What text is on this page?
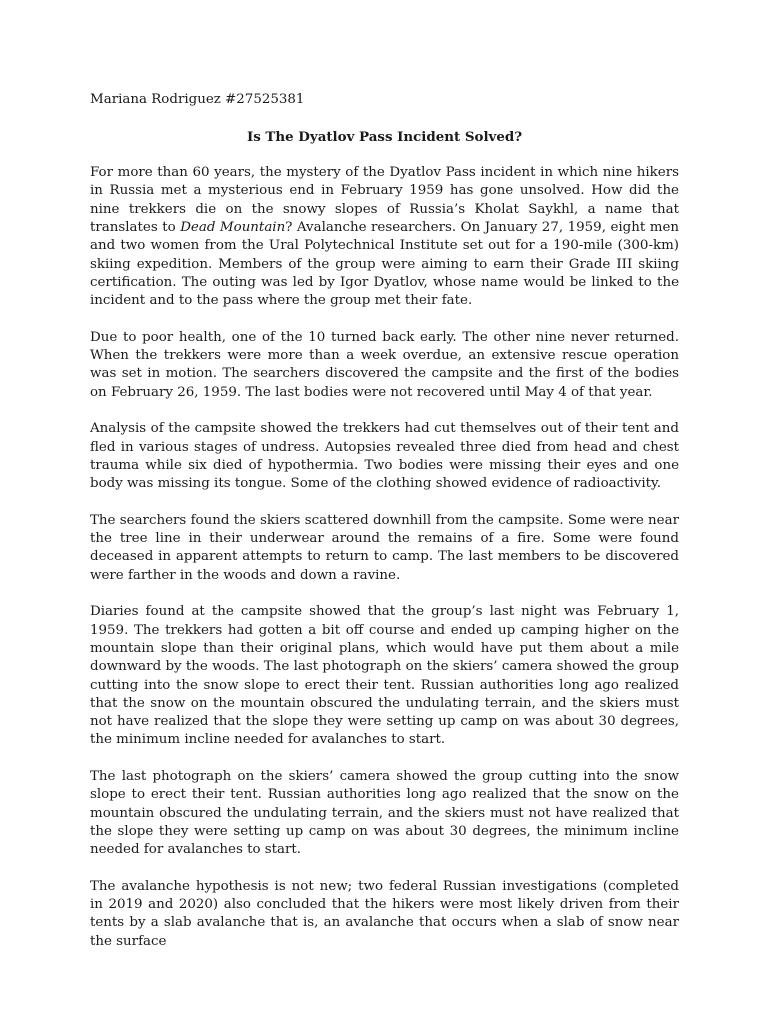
Mariana Rodriguez #27525381
Is The Dyatlov Pass Incident Solved?

For more than 60 years, the mystery of the Dyatlov Pass incident in which nine hikers in Russia met a mysterious end in February 1959 has gone unsolved. How did the nine trekkers die on the snowy slopes of Russia’s Kholat Saykhl, a name that translates to Dead Mountain? Avalanche researchers. On January 27, 1959, eight men and two women from the Ural Polytechnical Institute set out for a 190-mile (300-km) skiing expedition. Members of the group were aiming to earn their Grade III skiing certification. The outing was led by Igor Dyatlov, whose name would be linked to the incident and to the pass where the group met their fate.

Due to poor health, one of the 10 turned back early. The other nine never returned. When the trekkers were more than a week overdue, an extensive rescue operation was set in motion. The searchers discovered the campsite and the first of the bodies on February 26, 1959. The last bodies were not recovered until May 4 of that year.

Analysis of the campsite showed the trekkers had cut themselves out of their tent and fled in various stages of undress. Autopsies revealed three died from head and chest trauma while six died of hypothermia. Two bodies were missing their eyes and one body was missing its tongue. Some of the clothing showed evidence of radioactivity.

The searchers found the skiers scattered downhill from the campsite. Some were near the tree line in their underwear around the remains of a fire. Some were found deceased in apparent attempts to return to camp. The last members to be discovered were farther in the woods and down a ravine.

Diaries found at the campsite showed that the group’s last night was February 1, 1959. The trekkers had gotten a bit off course and ended up camping higher on the mountain slope than their original plans, which would have put them about a mile downward by the woods. The last photograph on the skiers’ camera showed the group cutting into the snow slope to erect their tent. Russian authorities long ago realized that the snow on the mountain obscured the undulating terrain, and the skiers must not have realized that the slope they were setting up camp on was about 30 degrees, the minimum incline needed for avalanches to start.

The last photograph on the skiers’ camera showed the group cutting into the snow slope to erect their tent. Russian authorities long ago realized that the snow on the mountain obscured the undulating terrain, and the skiers must not have realized that the slope they were setting up camp on was about 30 degrees, the minimum incline needed for avalanches to start.

The avalanche hypothesis is not new; two federal Russian investigations (completed in 2019 and 2020) also concluded that the hikers were most likely driven from their tents by a slab avalanche that is, an avalanche that occurs when a slab of snow near the surface
